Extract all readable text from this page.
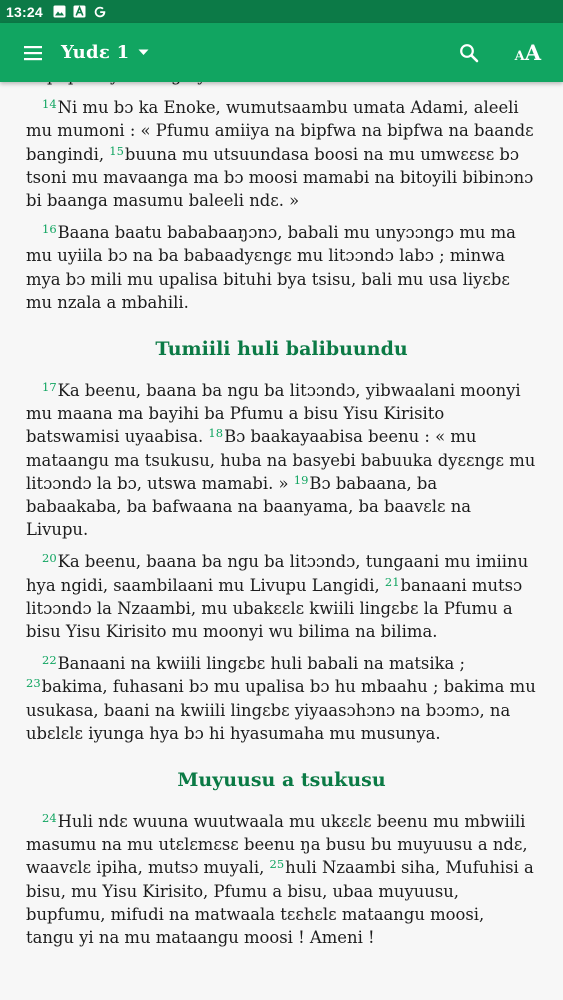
13:24
Yudɛ 1	A A

$^{14}$Ni mu bɔ ka Enoke, wumutsaambu umata Adami, aleeli mu mumoni : « Pfumu amiiya na bipfwa na bipfwa na baandɛ bangindi, $^{15}$buuna mu utsuundasa boosi na mu umwɛɛsɛ bɔ tsoni mu mavaanga ma bɔ moosi mamabi na bitoyili bibinɔnɔ bi baanga masumu baleeli ndɛ. »

$^{16}$Baana baatu bababaaŋɔnɔ, babali mu unyɔɔngɔ mu ma mu uyiila bɔ na ba babaadyɛngɛ mu litɔɔndɔ labɔ ; minwa mya bɔ mili mu upalisa bituhi bya tsisu, bali mu usa liyɛbɛ mu nzala a mbahili.

Tumiili huli balibuundu

$^{17}$Ka beenu, baana ba ngu ba litɔɔndɔ, yibwaalani moonyi mu maana ma bayihi ba Pfumu a bisu Yisu Kirisito batswamisi uyaabisa. $^{18}$Bɔ baakayaabisa beenu : « mu mataangu ma tsukusu, huba na basyebi babuuka dyɛɛngɛ mu litɔɔndɔ la bɔ, utswa mamabi. » $^{19}$Bɔ babaana, ba babaakaba, ba bafwaana na baanyama, ba baavɛlɛ na Livupu.

$^{20}$Ka beenu, baana ba ngu ba litɔɔndɔ, tungaani mu imiinu hya ngidi, saambilaani mu Livupu Langidi, $^{21}$banaani mutsɔ litɔɔndɔ la Nzaambi, mu ubakɛɛlɛ kwiili lingɛbɛ la Pfumu a bisu Yisu Kirisito mu moonyi wu bilima na bilima.

$^{22}$Banaani na kwiili lingɛbɛ huli babali na matsika ; $^{23}$bakima, fuhasani bɔ mu upalisa bɔ hu mbaahu ; bakima mu usukasa, baani na kwiili lingɛbɛ yiyaasɔhɔnɔ na bɔɔmɔ, na ubɛlɛlɛ iyunga hya bɔ hi hyasumaha mu musunya.

Muyuusu a tsukusu

$^{24}$Huli ndɛ wuuna wuutwaala mu ukɛɛlɛ beenu mu mbwiili masumu na mu utɛlɛmɛsɛ beenu ŋa busu bu muyuusu a ndɛ, waavɛlɛ ipiha, mutsɔ muyali, $^{25}$huli Nzaambi siha, Mufuhisi a bisu, mu Yisu Kirisito, Pfumu a bisu, ubaa muyuusu, bupfumu, mifudi na matwaala tɛɛhɛlɛ mataangu moosi, tangu yi na mu mataangu moosi ! Ameni !
